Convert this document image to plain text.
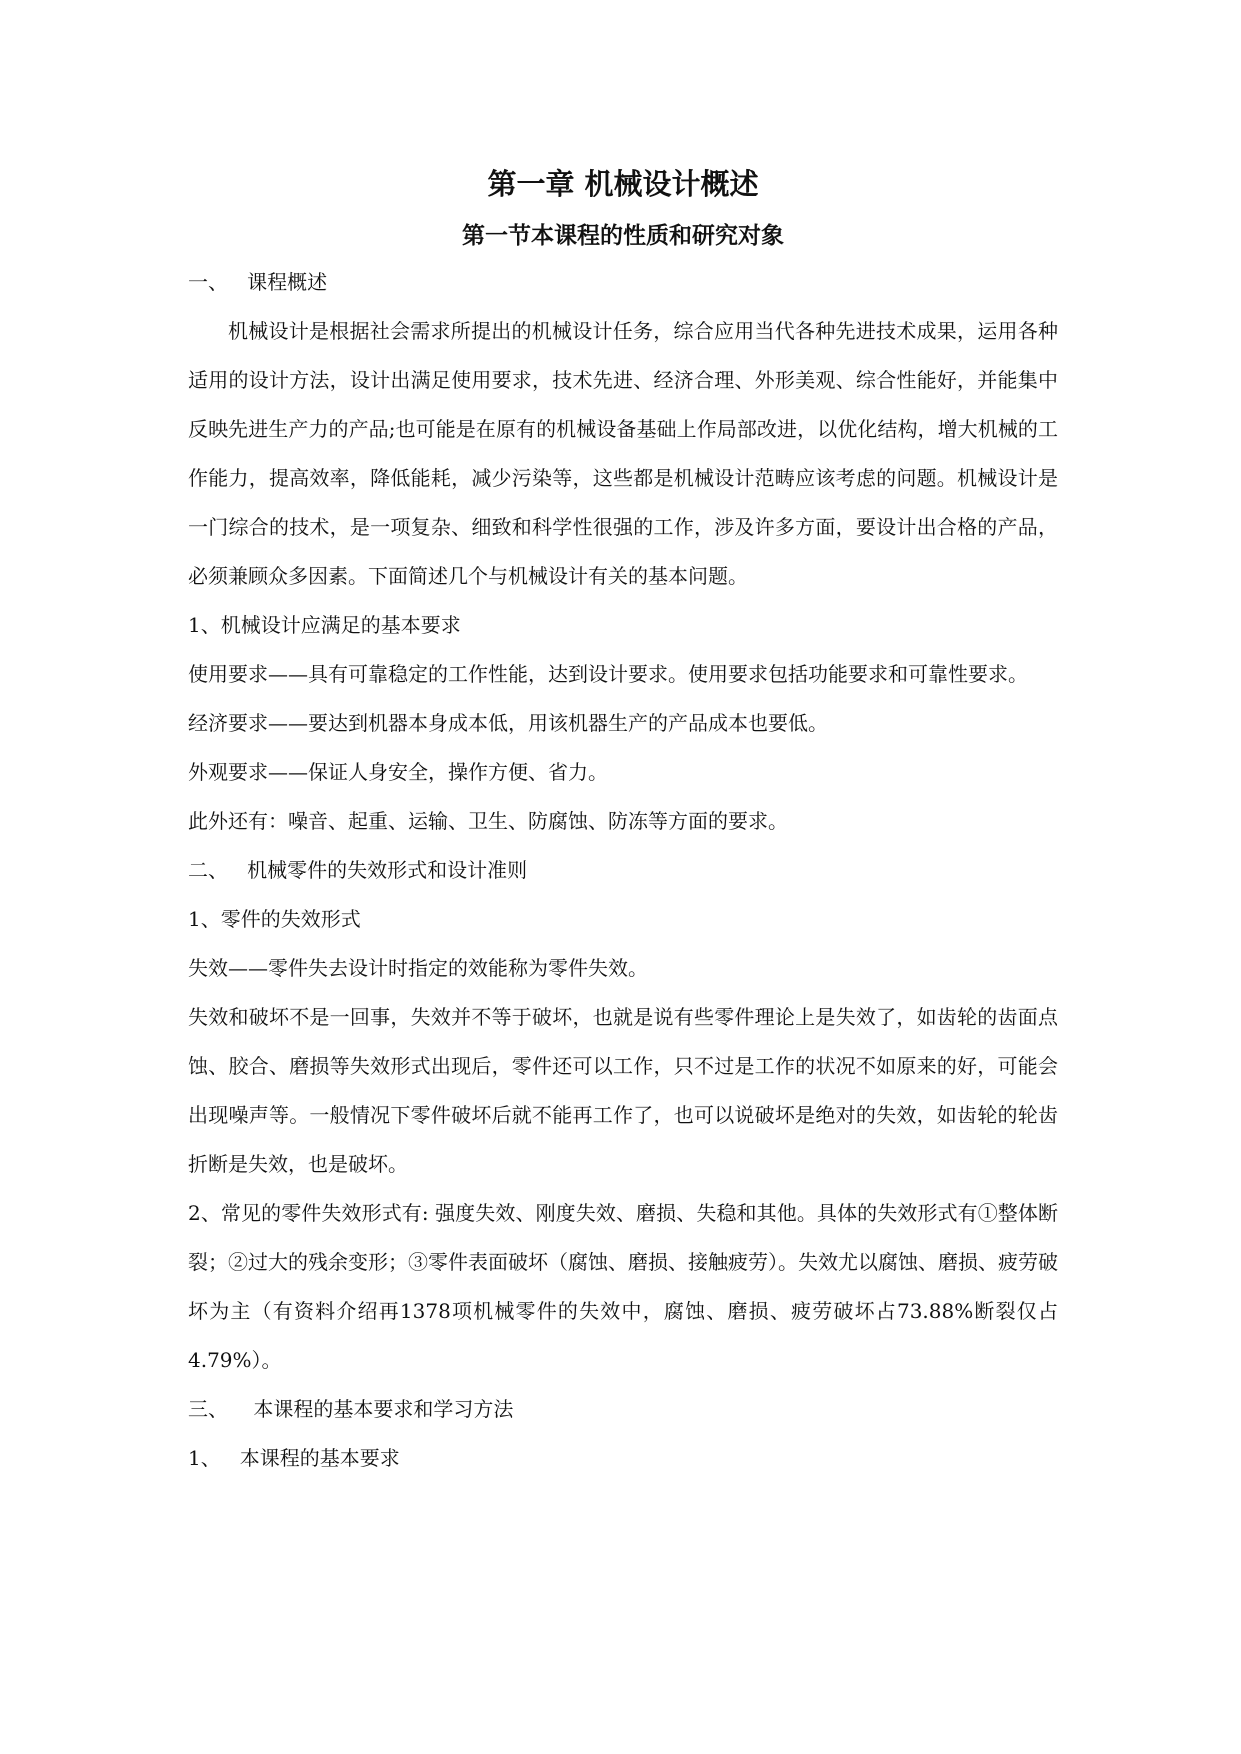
第一章 机械设计概述
第一节本课程的性质和研究对象
一、   课程概述

机械设计是根据社会需求所提出的机械设计任务，综合应用当代各种先进技术成果，运用各种适用的设计方法，设计出满足使用要求，技术先进、经济合理、外形美观、综合性能好，并能集中反映先进生产力的产品;也可能是在原有的机械设备基础上作局部改进，以优化结构，增大机械的工作能力，提高效率，降低能耗，减少污染等，这些都是机械设计范畴应该考虑的问题。机械设计是一门综合的技术，是一项复杂、细致和科学性很强的工作，涉及许多方面，要设计出合格的产品，必须兼顾众多因素。下面简述几个与机械设计有关的基本问题。

1、机械设计应满足的基本要求

使用要求——具有可靠稳定的工作性能，达到设计要求。使用要求包括功能要求和可靠性要求。

经济要求——要达到机器本身成本低，用该机器生产的产品成本也要低。

外观要求——保证人身安全，操作方便、省力。

此外还有：噪音、起重、运输、卫生、防腐蚀、防冻等方面的要求。

二、   机械零件的失效形式和设计准则
1、零件的失效形式

失效——零件失去设计时指定的效能称为零件失效。

失效和破坏不是一回事，失效并不等于破坏，也就是说有些零件理论上是失效了，如齿轮的齿面点蚀、胶合、磨损等失效形式出现后，零件还可以工作，只不过是工作的状况不如原来的好，可能会出现噪声等。一般情况下零件破坏后就不能再工作了，也可以说破坏是绝对的失效，如齿轮的轮齿折断是失效，也是破坏。

2、常见的零件失效形式有: 强度失效、刚度失效、磨损、失稳和其他。具体的失效形式有①整体断裂；②过大的残余变形；③零件表面破坏（腐蚀、磨损、接触疲劳）。失效尤以腐蚀、磨损、疲劳破坏为主（有资料介绍再1378项机械零件的失效中，腐蚀、磨损、疲劳破坏占73.88%断裂仅占4.79%）。

三、    本课程的基本要求和学习方法
1、   本课程的基本要求
